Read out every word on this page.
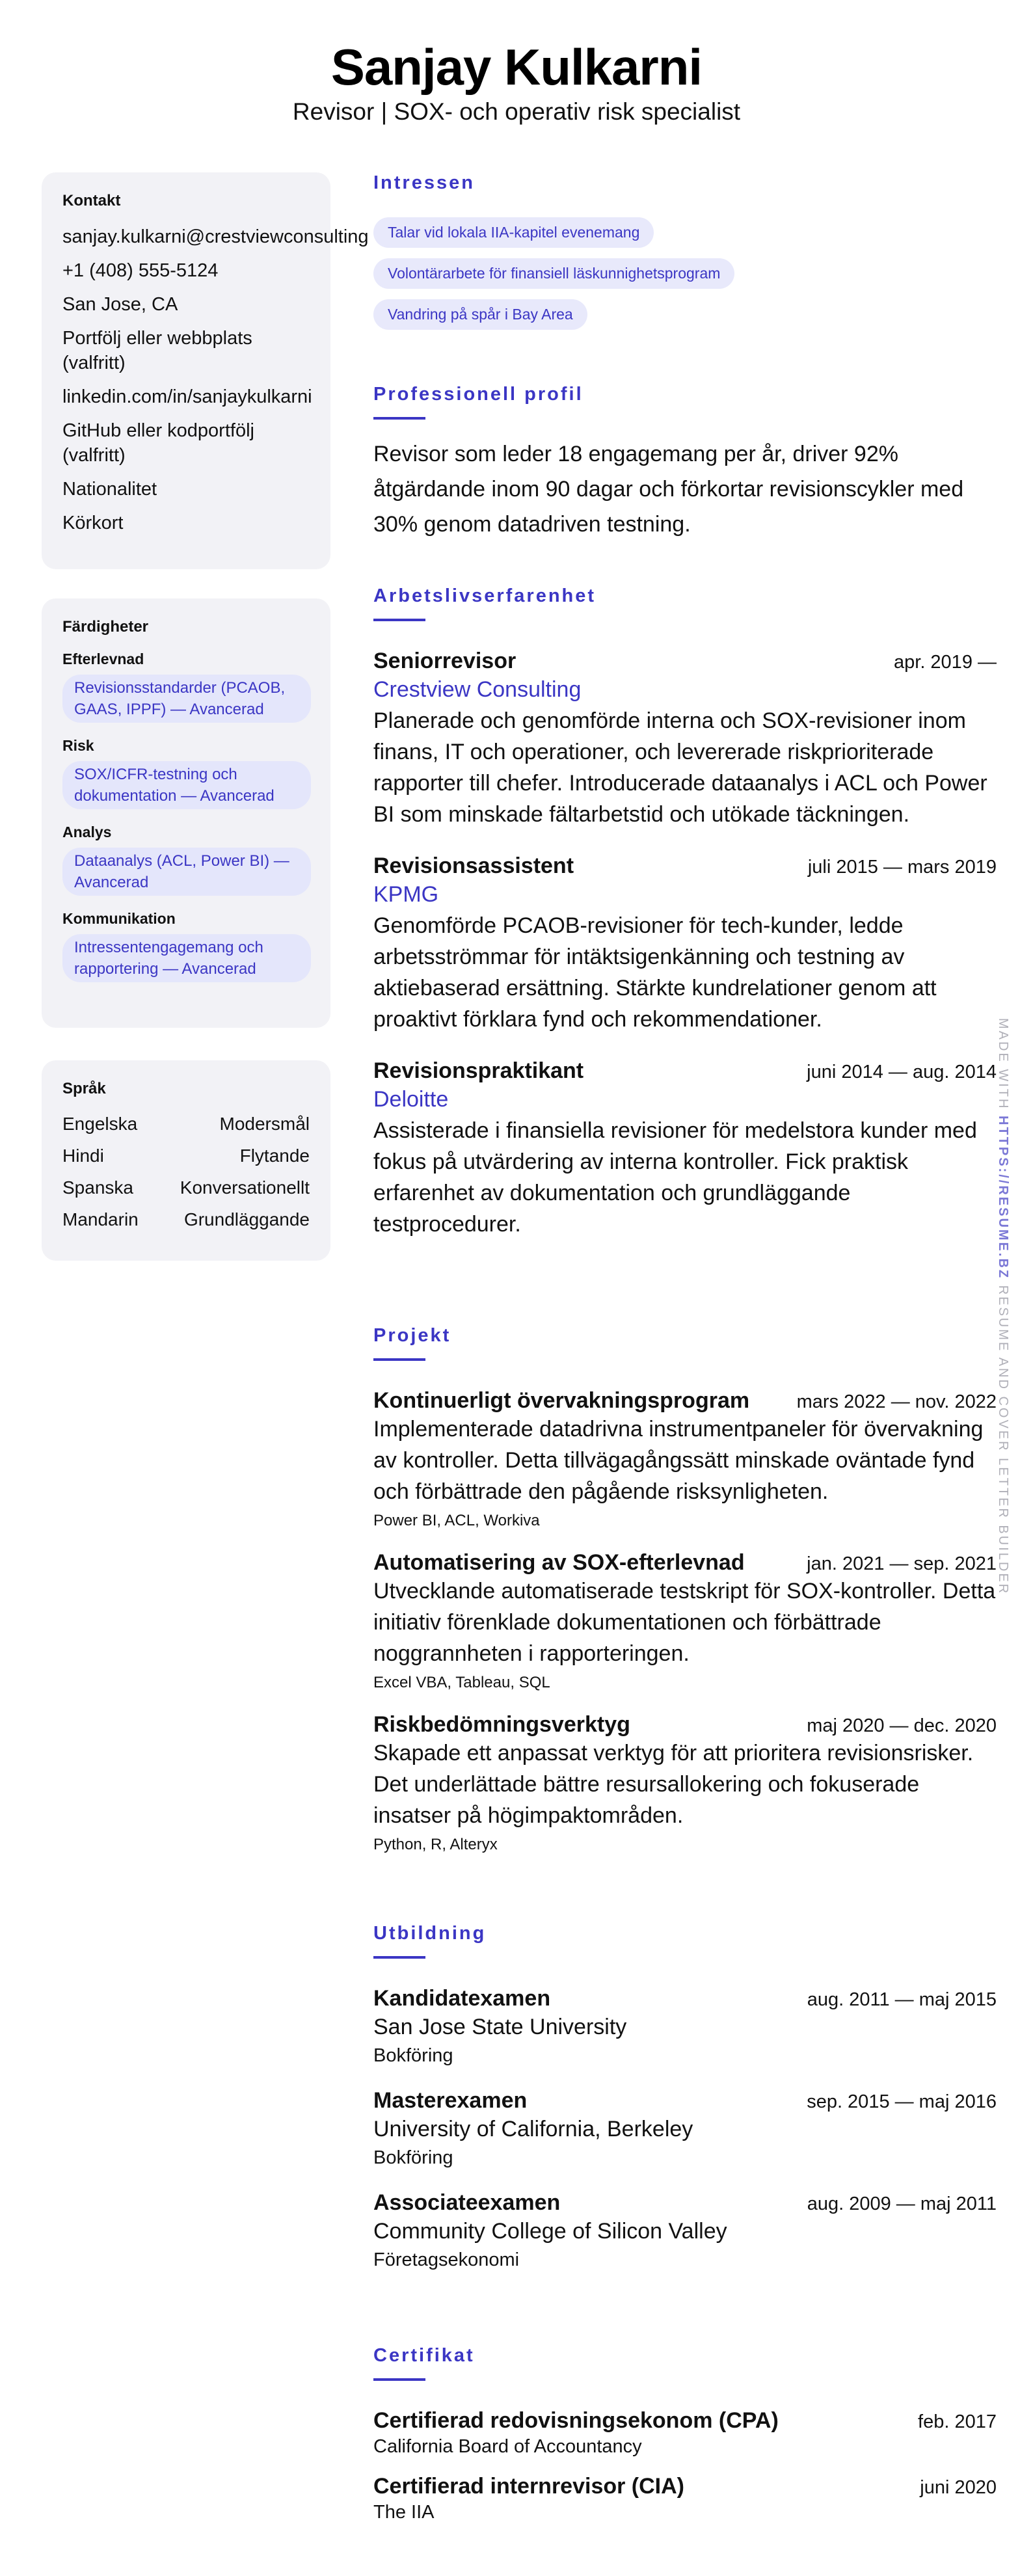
Sanjay Kulkarni
Revisor | SOX- och operativ risk specialist
Kontakt
sanjay.kulkarni@crestviewconsulting
+1 (408) 555-5124
San Jose, CA
Portfölj eller webbplats (valfritt)
linkedin.com/in/sanjaykulkarni
GitHub eller kodportfölj (valfritt)
Nationalitet
Körkort
Färdigheter
Efterlevnad
Revisionsstandarder (PCAOB, GAAS, IPPF) — Avancerad
Risk
SOX/ICFR-testning och dokumentation — Avancerad
Analys
Dataanalys (ACL, Power BI) — Avancerad
Kommunikation
Intressentengagemang och rapportering — Avancerad
Språk
Engelska	Modersmål
Hindi	Flytande
Spanska	Konversationellt
Mandarin	Grundläggande
Intressen
Talar vid lokala IIA-kapitel evenemang
Volontärarbete för finansiell läskunnighetsprogram
Vandring på spår i Bay Area
Professionell profil
Revisor som leder 18 engagemang per år, driver 92% åtgärdande inom 90 dagar och förkortar revisionscykler med 30% genom datadriven testning.
Arbetslivserfarenhet
Seniorrevisor	apr. 2019 —
Crestview Consulting
Planerade och genomförde interna och SOX-revisioner inom finans, IT och operationer, och levererade riskprioriterade rapporter till chefer. Introducerade dataanalys i ACL och Power BI som minskade fältarbetstid och utökade täckningen.
Revisionsassistent	juli 2015 — mars 2019
KPMG
Genomförde PCAOB-revisioner för tech-kunder, ledde arbetsströmmar för intäktsigenkänning och testning av aktiebaserad ersättning. Stärkte kundrelationer genom att proaktivt förklara fynd och rekommendationer.
Revisionspraktikant	juni 2014 — aug. 2014
Deloitte
Assisterade i finansiella revisioner för medelstora kunder med fokus på utvärdering av interna kontroller. Fick praktisk erfarenhet av dokumentation och grundläggande testprocedurer.
Projekt
Kontinuerligt övervakningsprogram	mars 2022 — nov. 2022
Implementerade datadrivna instrumentpaneler för övervakning av kontroller. Detta tillvägagångssätt minskade oväntade fynd och förbättrade den pågående risksynligheten.
Power BI, ACL, Workiva
Automatisering av SOX-efterlevnad	jan. 2021 — sep. 2021
Utvecklande automatiserade testskript för SOX-kontroller. Detta initiativ förenklade dokumentationen och förbättrade noggrannheten i rapporteringen.
Excel VBA, Tableau, SQL
Riskbedömningsverktyg	maj 2020 — dec. 2020
Skapade ett anpassat verktyg för att prioritera revisionsrisker. Det underlättade bättre resursallokering och fokuserade insatser på högimpaktområden.
Python, R, Alteryx
Utbildning
Kandidatexamen	aug. 2011 — maj 2015
San Jose State University
Bokföring
Masterexamen	sep. 2015 — maj 2016
University of California, Berkeley
Bokföring
Associateexamen	aug. 2009 — maj 2011
Community College of Silicon Valley
Företagsekonomi
Certifikat
Certifierad redovisningsekonom (CPA)	feb. 2017
California Board of Accountancy
Certifierad internrevisor (CIA)	juni 2020
The IIA
MADE WITH HTTPS://RESUME.BZ RESUME AND COVER LETTER BUILDER
